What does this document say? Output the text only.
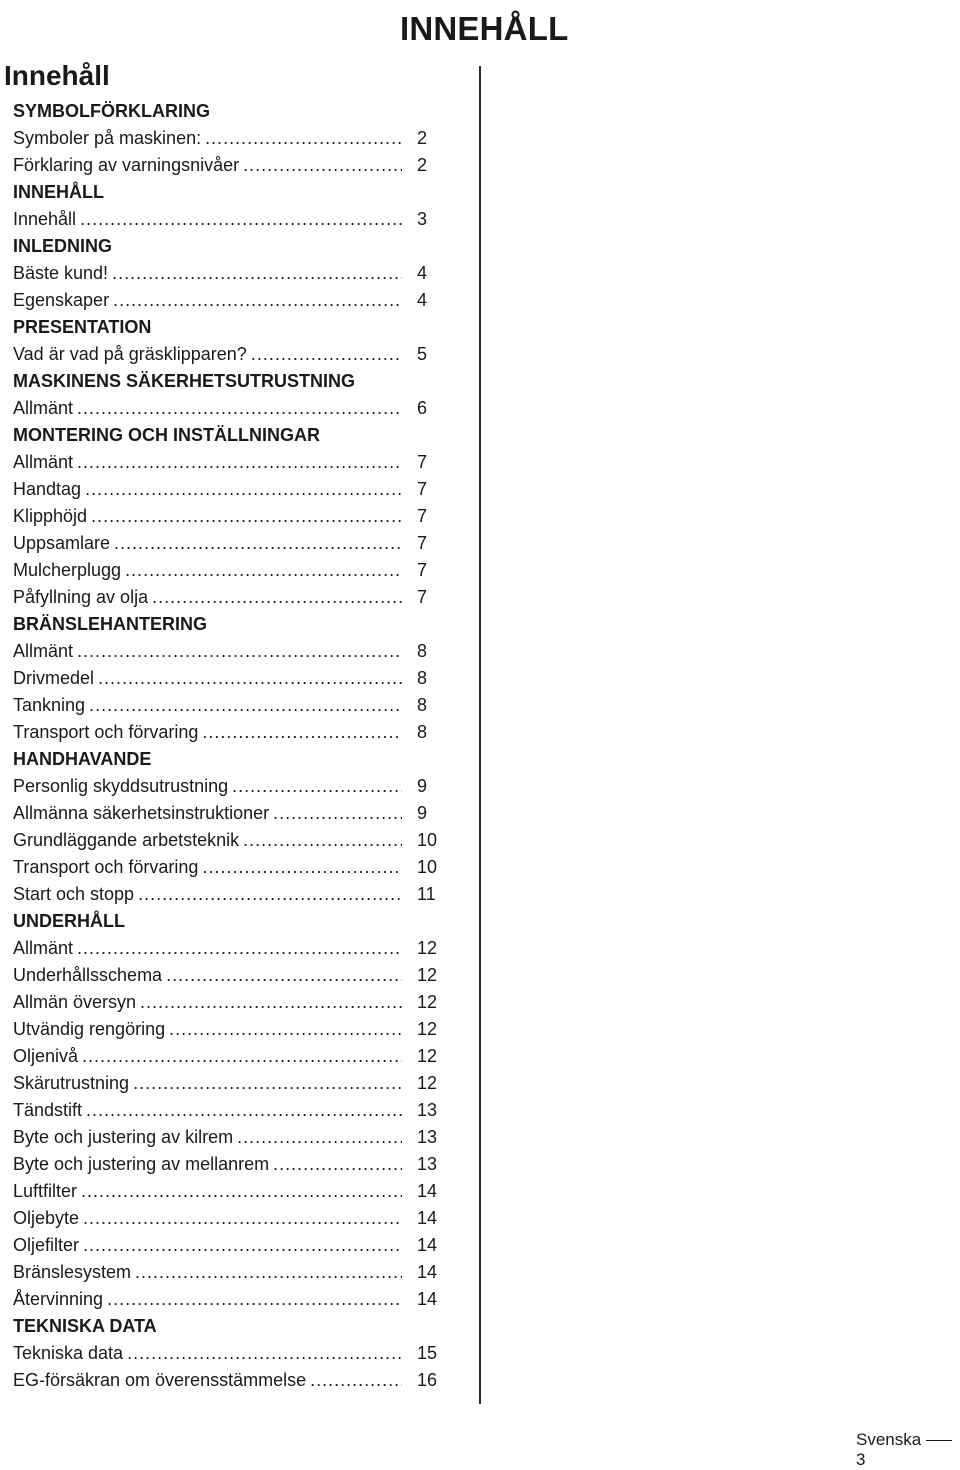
INNEHÅLL
Innehåll
SYMBOLFÖRKLARING
Symboler på maskinen: .....	2
Förklaring av varningsnivåer .....	2
INNEHÅLL
Innehåll .....	3
INLEDNING
Bäste kund! .....	4
Egenskaper .....	4
PRESENTATION
Vad är vad på gräsklipparen? .....	5
MASKINENS SÄKERHETSUTRUSTNING
Allmänt .....	6
MONTERING OCH INSTÄLLNINGAR
Allmänt .....	7
Handtag .....	7
Klipphöjd .....	7
Uppsamlare .....	7
Mulcherplugg .....	7
Påfyllning av olja .....	7
BRÄNSLEHANTERING
Allmänt .....	8
Drivmedel .....	8
Tankning .....	8
Transport och förvaring .....	8
HANDHAVANDE
Personlig skyddsutrustning .....	9
Allmänna säkerhetsinstruktioner .....	9
Grundläggande arbetsteknik .....	10
Transport och förvaring .....	10
Start och stopp .....	11
UNDERHÅLL
Allmänt .....	12
Underhållsschema .....	12
Allmän översyn .....	12
Utvändig rengöring .....	12
Oljenivå .....	12
Skärutrustning .....	12
Tändstift .....	13
Byte och justering av kilrem .....	13
Byte och justering av mellanrem .....	13
Luftfilter .....	14
Oljebyte .....	14
Oljefilter .....	14
Bränslesystem .....	14
Återvinning .....	14
TEKNISKA DATA
Tekniska data .....	15
EG-försäkran om överensstämmelse .....	16
Svenska3
